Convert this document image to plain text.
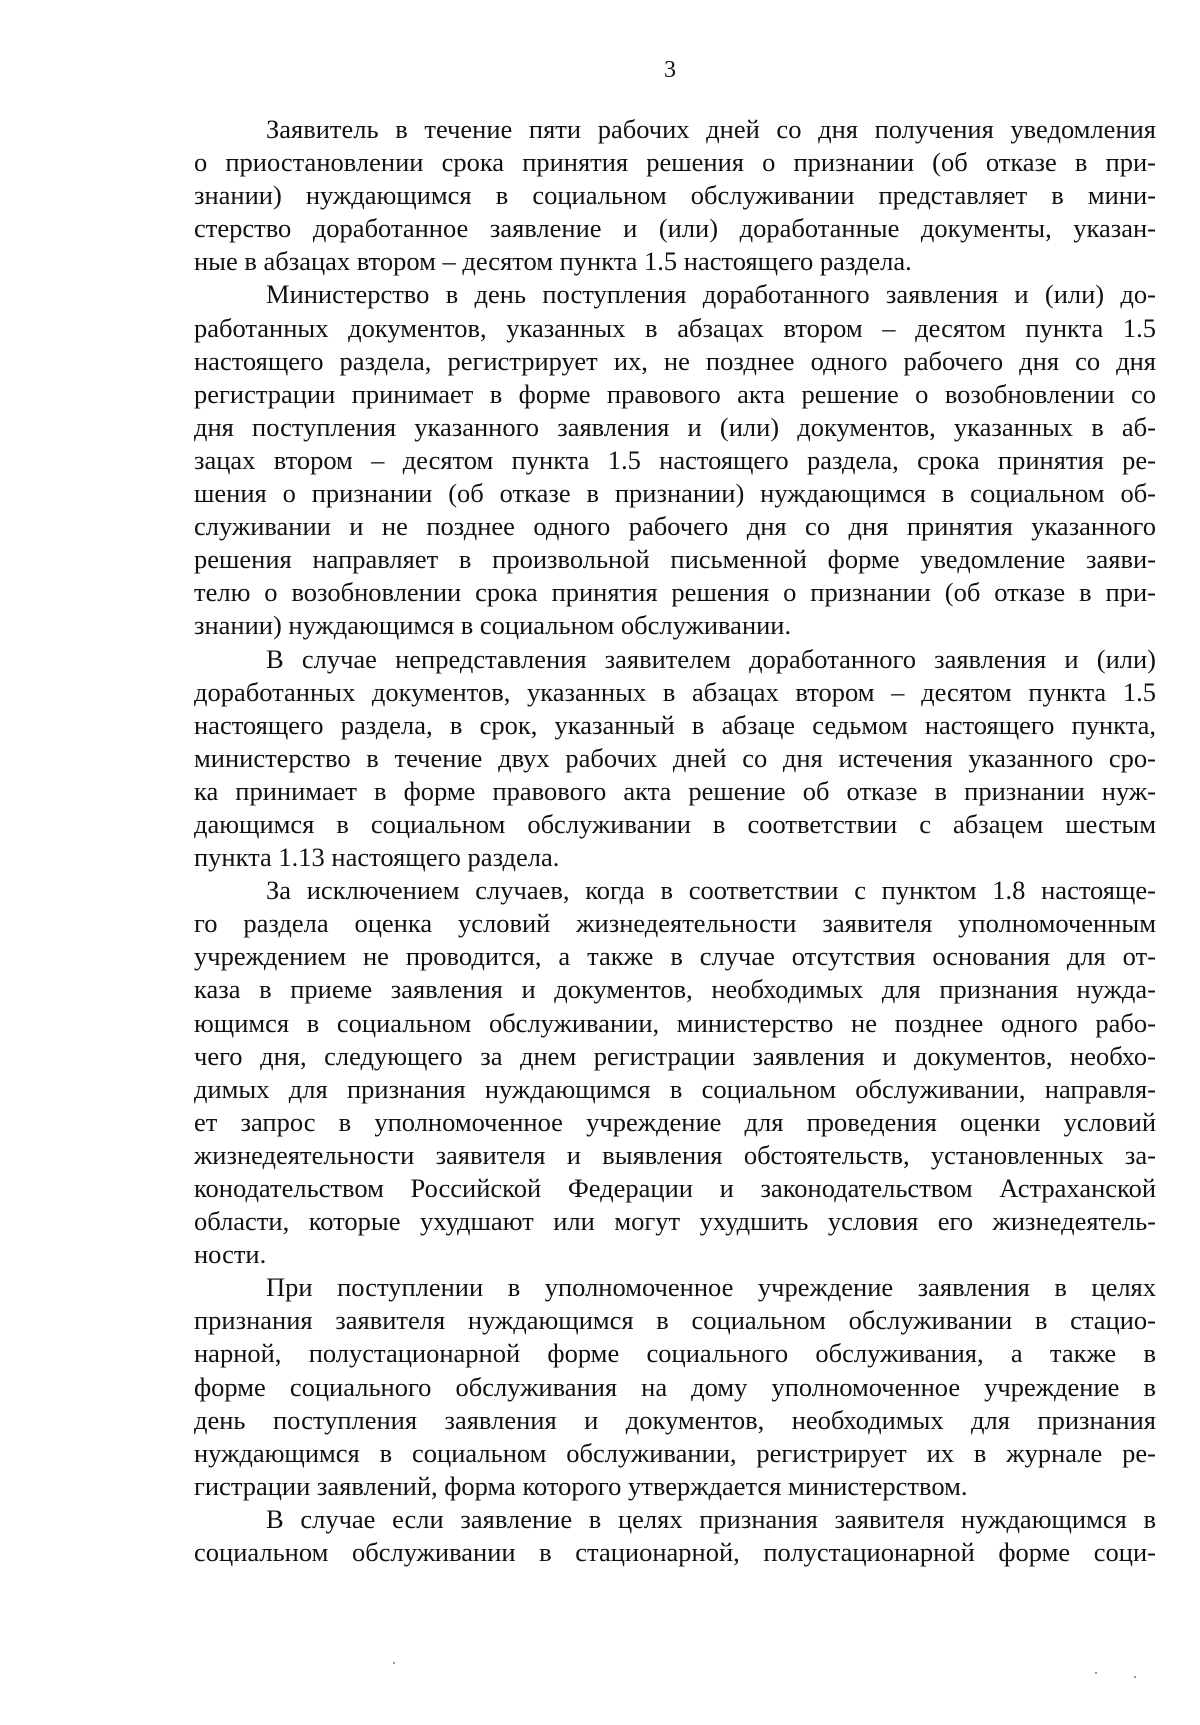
3
Заявитель в течение пяти рабочих дней со дня получения уведомления
о приостановлении срока принятия решения о признании (об отказе в при-
знании) нуждающимся в социальном обслуживании представляет в мини-
стерство доработанное заявление и (или) доработанные документы, указан-
ные в абзацах втором – десятом пункта 1.5 настоящего раздела.
Министерство в день поступления доработанного заявления и (или) до-
работанных документов, указанных в абзацах втором – десятом пункта 1.5
настоящего раздела, регистрирует их, не позднее одного рабочего дня со дня
регистрации принимает в форме правового акта решение о возобновлении со
дня поступления указанного заявления и (или) документов, указанных в аб-
зацах втором – десятом пункта 1.5 настоящего раздела, срока принятия ре-
шения о признании (об отказе в признании) нуждающимся в социальном об-
служивании и не позднее одного рабочего дня со дня принятия указанного
решения направляет в произвольной письменной форме уведомление заяви-
телю о возобновлении срока принятия решения о признании (об отказе в при-
знании) нуждающимся в социальном обслуживании.
В случае непредставления заявителем доработанного заявления и (или)
доработанных документов, указанных в абзацах втором – десятом пункта 1.5
настоящего раздела, в срок, указанный в абзаце седьмом настоящего пункта,
министерство в течение двух рабочих дней со дня истечения указанного сро-
ка принимает в форме правового акта решение об отказе в признании нуж-
дающимся в социальном обслуживании в соответствии с абзацем шестым
пункта 1.13 настоящего раздела.
За исключением случаев, когда в соответствии с пунктом 1.8 настояще-
го раздела оценка условий жизнедеятельности заявителя уполномоченным
учреждением не проводится, а также в случае отсутствия основания для от-
каза в приеме заявления и документов, необходимых для признания нужда-
ющимся в социальном обслуживании, министерство не позднее одного рабо-
чего дня, следующего за днем регистрации заявления и документов, необхо-
димых для признания нуждающимся в социальном обслуживании, направля-
ет запрос в уполномоченное учреждение для проведения оценки условий
жизнедеятельности заявителя и выявления обстоятельств, установленных за-
конодательством Российской Федерации и законодательством Астраханской
области, которые ухудшают или могут ухудшить условия его жизнедеятель-
ности.
При поступлении в уполномоченное учреждение заявления в целях
признания заявителя нуждающимся в социальном обслуживании в стацио-
нарной, полустационарной форме социального обслуживания, а также в
форме социального обслуживания на дому уполномоченное учреждение в
день поступления заявления и документов, необходимых для признания
нуждающимся в социальном обслуживании, регистрирует их в журнале ре-
гистрации заявлений, форма которого утверждается министерством.
В случае если заявление в целях признания заявителя нуждающимся в
социальном обслуживании в стационарной, полустационарной форме соци-
